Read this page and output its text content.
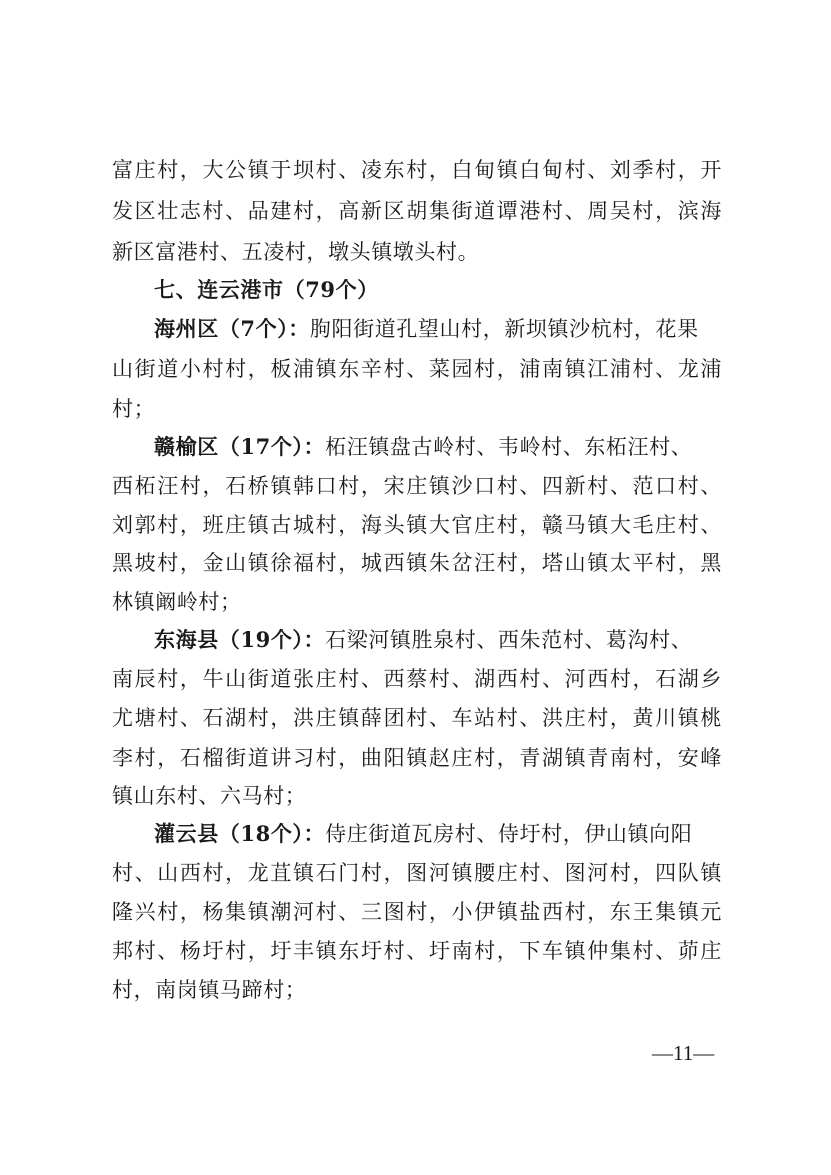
富庄村，大公镇于坝村、凌东村，白甸镇白甸村、刘季村，开
发区壮志村、品建村，高新区胡集街道谭港村、周吴村，滨海
新区富港村、五凌村，墩头镇墩头村。
七、连云港市（79个）
海州区（7个）：朐阳街道孔望山村，新坝镇沙杭村，花果
山街道小村村，板浦镇东辛村、菜园村，浦南镇江浦村、龙浦
村；
赣榆区（17个）：柘汪镇盘古岭村、韦岭村、东柘汪村、
西柘汪村，石桥镇韩口村，宋庄镇沙口村、四新村、范口村、
刘郭村，班庄镇古城村，海头镇大官庄村，赣马镇大毛庄村、
黑坡村，金山镇徐福村，城西镇朱岔汪村，塔山镇太平村，黑
林镇阚岭村；
东海县（19个）：石梁河镇胜泉村、西朱范村、葛沟村、
南辰村，牛山街道张庄村、西蔡村、湖西村、河西村，石湖乡
尤塘村、石湖村，洪庄镇薛团村、车站村、洪庄村，黄川镇桃
李村，石榴街道讲习村，曲阳镇赵庄村，青湖镇青南村，安峰
镇山东村、六马村；
灌云县（18个）：侍庄街道瓦房村、侍圩村，伊山镇向阳
村、山西村，龙苴镇石门村，图河镇腰庄村、图河村，四队镇
隆兴村，杨集镇潮河村、三图村，小伊镇盐西村，东王集镇元
邦村、杨圩村，圩丰镇东圩村、圩南村，下车镇仲集村、茆庄
村，南岗镇马蹄村；
—11—
